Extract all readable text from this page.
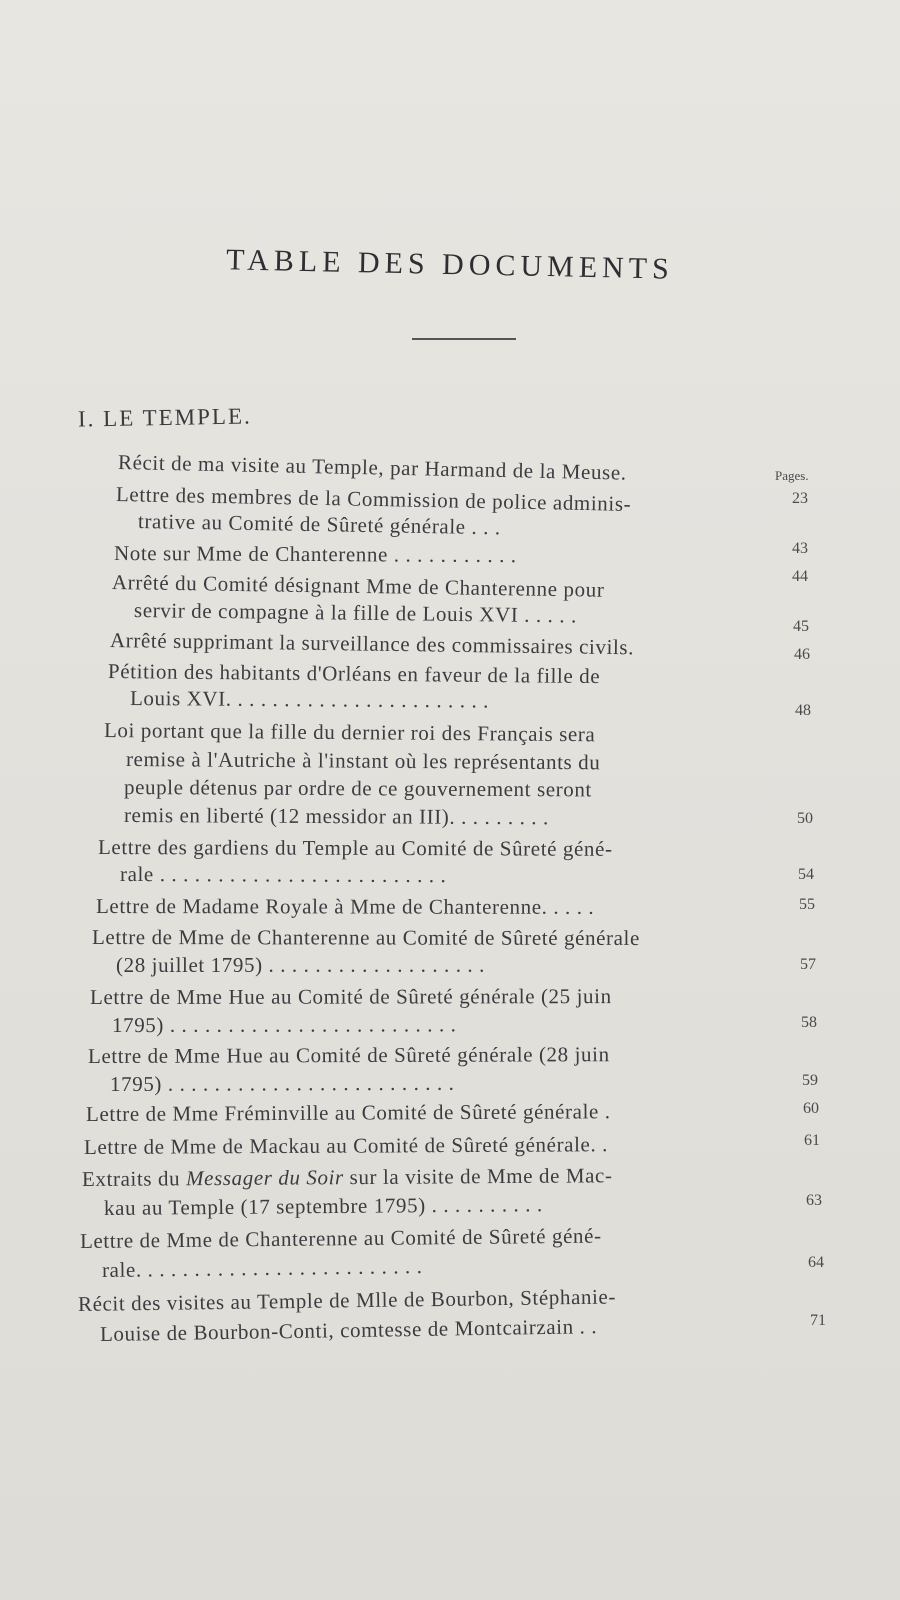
TABLE DES DOCUMENTS
I. LE TEMPLE.
Pages.
Récit de ma visite au Temple, par Harmand de la Meuse.
Lettre des membres de la Commission de police adminis-
trative au Comité de Sûreté générale . . .
Note sur Mme de Chanterenne . . . . . . . . . . .
Arrêté du Comité désignant Mme de Chanterenne pour
servir de compagne à la fille de Louis XVI . . . . .
Arrêté supprimant la surveillance des commissaires civils.
Pétition des habitants d'Orléans en faveur de la fille de
Louis XVI. . . . . . . . . . . . . . . . . . . . . . .
Loi portant que la fille du dernier roi des Français sera
remise à l'Autriche à l'instant où les représentants du
peuple détenus par ordre de ce gouvernement seront
remis en liberté (12 messidor an III). . . . . . . . .
Lettre des gardiens du Temple au Comité de Sûreté géné-
rale . . . . . . . . . . . . . . . . . . . . . . . . .
Lettre de Madame Royale à Mme de Chanterenne. . . . .
Lettre de Mme de Chanterenne au Comité de Sûreté générale
(28 juillet 1795) . . . . . . . . . . . . . . . . . . .
Lettre de Mme Hue au Comité de Sûreté générale (25 juin
1795) . . . . . . . . . . . . . . . . . . . . . . . . .
Lettre de Mme Hue au Comité de Sûreté générale (28 juin
1795) . . . . . . . . . . . . . . . . . . . . . . . . .
Lettre de Mme Fréminville au Comité de Sûreté générale .
Lettre de Mme de Mackau au Comité de Sûreté générale. .
Extraits du Messager du Soir sur la visite de Mme de Mac-
kau au Temple (17 septembre 1795) . . . . . . . . . .
Lettre de Mme de Chanterenne au Comité de Sûreté géné-
rale. . . . . . . . . . . . . . . . . . . . . . . . .
Récit des visites au Temple de Mlle de Bourbon, Stéphanie-
Louise de Bourbon-Conti, comtesse de Montcairzain . .
23
43
44
45
46
48
50
54
55
57
58
59
60
61
63
64
71
